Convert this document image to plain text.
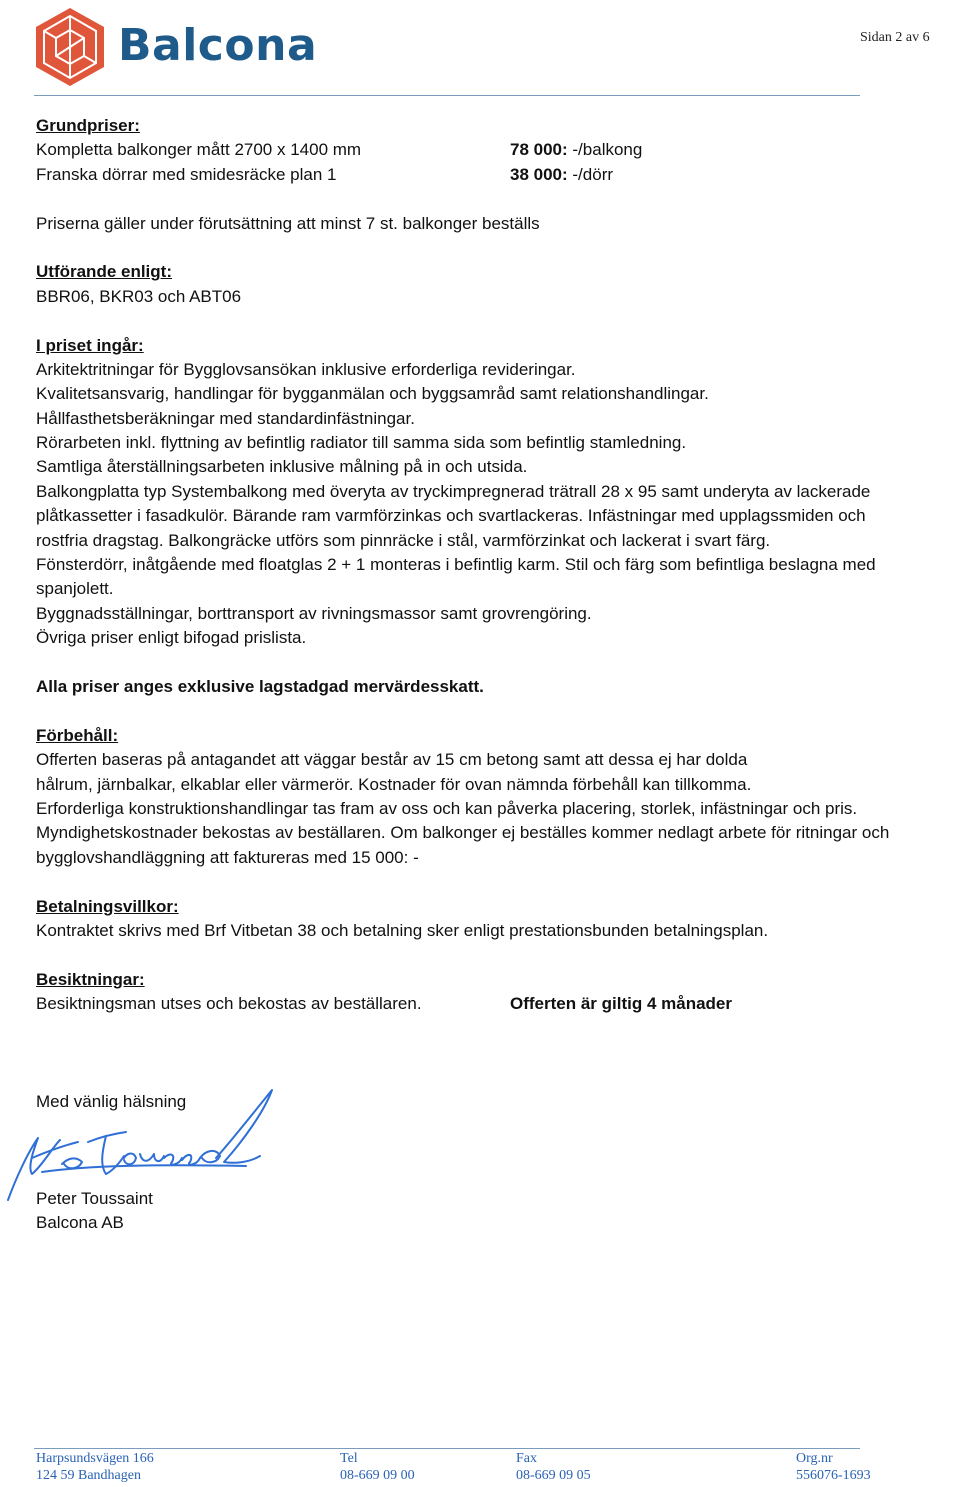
Balcona	Sidan 2 av 6
Grundpriser:
Kompletta balkonger mått 2700 x 1400 mm	78 000: -/balkong
Franska dörrar med smidesräcke plan 1	38 000: -/dörr
Priserna gäller under förutsättning att minst 7 st. balkonger beställs
Utförande enligt:
BBR06, BKR03 och ABT06
I priset ingår:
Arkitektritningar för Bygglovsansökan inklusive erforderliga revideringar.
Kvalitetsansvarig, handlingar för bygganmälan och byggsamråd samt relationshandlingar.
Hållfasthetsberäkningar med standardinfästningar.
Rörarbeten inkl. flyttning av befintlig radiator till samma sida som befintlig stamledning.
Samtliga återställningsarbeten inklusive målning på in och utsida.
Balkongplatta typ Systembalkong med överyta av tryckimpregnerad trätrall 28 x 95 samt underyta av lackerade
plåtkassetter i fasadkulör. Bärande ram varmförzinkas och svartlackeras. Infästningar med upplagssmiden och
rostfria dragstag. Balkongräcke utförs som pinnräcke i stål, varmförzinkat och lackerat i svart färg.
Fönsterdörr, inåtgående med floatglas 2 + 1 monteras i befintlig karm. Stil och färg som befintliga beslagna med
spanjolett.
Byggnadsställningar, borttransport av rivningsmassor samt grovrengöring.
Övriga priser enligt bifogad prislista.
Alla priser anges exklusive lagstadgad mervärdesskatt.
Förbehåll:
Offerten baseras på antagandet att väggar består av 15 cm betong samt att dessa ej har dolda
hålrum, järnbalkar, elkablar eller värmerör. Kostnader för ovan nämnda förbehåll kan tillkomma.
Erforderliga konstruktionshandlingar tas fram av oss och kan påverka placering, storlek, infästningar och pris.
Myndighetskostnader bekostas av beställaren. Om balkonger ej beställes kommer nedlagt arbete för ritningar och
bygglovshandläggning att faktureras med 15 000: -
Betalningsvillkor:
Kontraktet skrivs med Brf Vitbetan 38 och betalning sker enligt prestationsbunden betalningsplan.
Besiktningar:
Besiktningsman utses och bekostas av beställaren.	Offerten är giltig 4 månader
Med vänlig hälsning
Peter Toussaint
Balcona AB
Harpsundsvägen 166
124 59 Bandhagen
Tel
08-669 09 00
Fax
08-669 09 05
Org.nr
556076-1693
